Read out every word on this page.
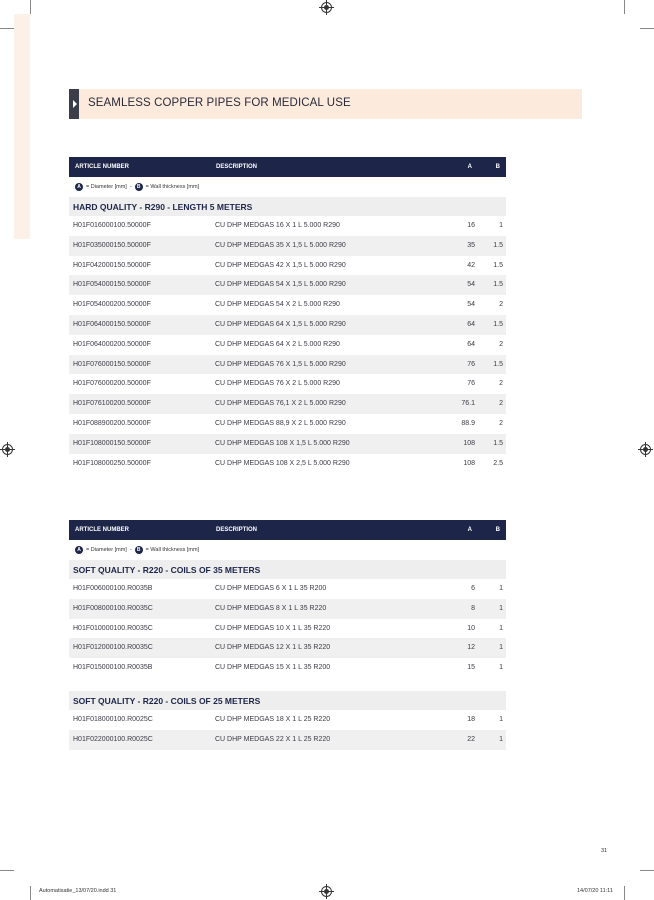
SEAMLESS COPPER PIPES FOR MEDICAL USE
ARTICLE NUMBER	DESCRIPTION	A	B
A = Diameter [mm] -	B = Wall thickness [mm]
HARD QUALITY - R290 - LENGTH 5 METERS
H01F016000100.50000F	CU DHP MEDGAS 16 X 1 L 5.000 R290	16	1
H01F035000150.50000F	CU DHP MEDGAS 35 X 1,5 L 5.000 R290	35	1.5
H01F042000150.50000F	CU DHP MEDGAS 42 X 1,5 L 5.000 R290	42	1.5
H01F054000150.50000F	CU DHP MEDGAS 54 X 1,5 L 5.000 R290	54	1.5
H01F054000200.50000F	CU DHP MEDGAS 54 X 2 L 5.000 R290	54	2
H01F064000150.50000F	CU DHP MEDGAS 64 X 1,5 L 5.000 R290	64	1.5
H01F064000200.50000F	CU DHP MEDGAS 64 X 2 L 5.000 R290	64	2
H01F076000150.50000F	CU DHP MEDGAS 76 X 1,5 L 5.000 R290	76	1.5
H01F076000200.50000F	CU DHP MEDGAS 76 X 2 L 5.000 R290	76	2
H01F076100200.50000F	CU DHP MEDGAS 76,1 X 2 L 5.000 R290	76.1	2
H01F088900200.50000F	CU DHP MEDGAS 88,9 X 2 L 5.000 R290	88.9	2
H01F108000150.50000F	CU DHP MEDGAS 108 X 1,5 L 5.000 R290	108	1.5
H01F108000250.50000F	CU DHP MEDGAS 108 X 2,5 L 5.000 R290	108	2.5
ARTICLE NUMBER	DESCRIPTION	A	B
A = Diameter [mm] -	B = Wall thickness [mm]
SOFT QUALITY - R220 - COILS OF 35 METERS
H01F006000100.R0035B	CU DHP MEDGAS 6 X 1 L 35 R200	6	1
H01F008000100.R0035C	CU DHP MEDGAS 8 X 1 L 35 R220	8	1
H01F010000100.R0035C	CU DHP MEDGAS 10 X 1 L 35 R220	10	1
H01F012000100.R0035C	CU DHP MEDGAS 12 X 1 L 35 R220	12	1
H01F015000100.R0035B	CU DHP MEDGAS 15 X 1 L 35 R200	15	1
SOFT QUALITY - R220 - COILS OF 25 METERS
H01F018000100.R0025C	CU DHP MEDGAS 18 X 1 L 25 R220	18	1
H01F022000100.R0025C	CU DHP MEDGAS 22 X 1 L 25 R220	22	1
31
Automatisatie_13/07/20.indd 31	14/07/20 11:11
